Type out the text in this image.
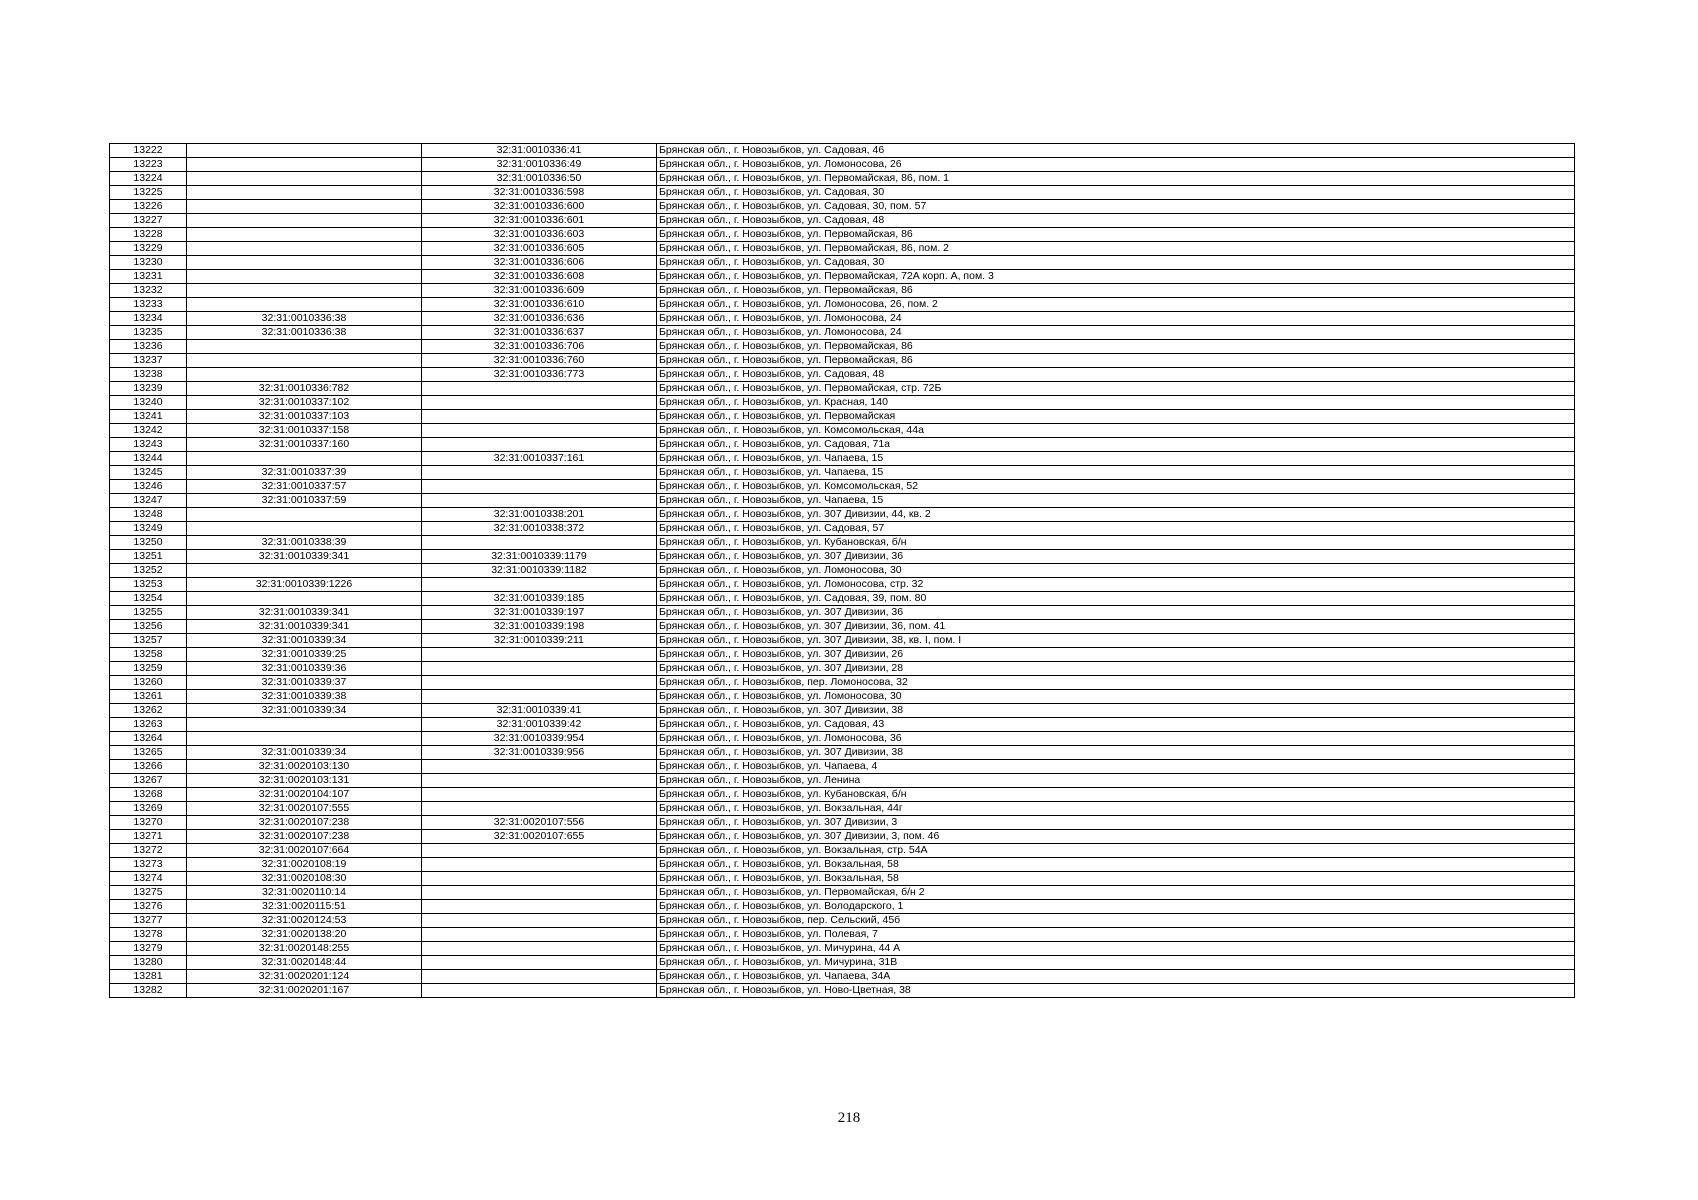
13222		32:31:0010336:41	Брянская обл., г. Новозыбков, ул. Садовая, 46
13223		32:31:0010336:49	Брянская обл., г. Новозыбков, ул. Ломоносова, 26
13224		32:31:0010336:50	Брянская обл., г. Новозыбков, ул. Первомайская, 86, пом. 1
13225		32:31:0010336:598	Брянская обл., г. Новозыбков, ул. Садовая, 30
13226		32:31:0010336:600	Брянская обл., г. Новозыбков, ул. Садовая, 30, пом. 57
13227		32:31:0010336:601	Брянская обл., г. Новозыбков, ул. Садовая, 48
13228		32:31:0010336:603	Брянская обл., г. Новозыбков, ул. Первомайская, 86
13229		32:31:0010336:605	Брянская обл., г. Новозыбков, ул. Первомайская, 86, пом. 2
13230		32:31:0010336:606	Брянская обл., г. Новозыбков, ул. Садовая, 30
13231		32:31:0010336:608	Брянская обл., г. Новозыбков, ул. Первомайская, 72А корп. А, пом. 3
13232		32:31:0010336:609	Брянская обл., г. Новозыбков, ул. Первомайская, 86
13233		32:31:0010336:610	Брянская обл., г. Новозыбков, ул. Ломоносова, 26, пом. 2
13234	32:31:0010336:38	32:31:0010336:636	Брянская обл., г. Новозыбков, ул. Ломоносова, 24
13235	32:31:0010336:38	32:31:0010336:637	Брянская обл., г. Новозыбков, ул. Ломоносова, 24
13236		32:31:0010336:706	Брянская обл., г. Новозыбков, ул. Первомайская, 86
13237		32:31:0010336:760	Брянская обл., г. Новозыбков, ул. Первомайская, 86
13238		32:31:0010336:773	Брянская обл., г. Новозыбков, ул. Садовая, 48
13239	32:31:0010336:782		Брянская обл., г. Новозыбков, ул. Первомайская, стр. 72Б
13240	32:31:0010337:102		Брянская обл., г. Новозыбков, ул. Красная, 140
13241	32:31:0010337:103		Брянская обл., г. Новозыбков, ул. Первомайская
13242	32:31:0010337:158		Брянская обл., г. Новозыбков, ул. Комсомольская, 44а
13243	32:31:0010337:160		Брянская обл., г. Новозыбков, ул. Садовая, 71а
13244		32:31:0010337:161	Брянская обл., г. Новозыбков, ул. Чапаева, 15
13245	32:31:0010337:39		Брянская обл., г. Новозыбков, ул. Чапаева, 15
13246	32:31:0010337:57		Брянская обл., г. Новозыбков, ул. Комсомольская, 52
13247	32:31:0010337:59		Брянская обл., г. Новозыбков, ул. Чапаева, 15
13248		32:31:0010338:201	Брянская обл., г. Новозыбков, ул. 307 Дивизии, 44, кв. 2
13249		32:31:0010338:372	Брянская обл., г. Новозыбков, ул. Садовая, 57
13250	32:31:0010338:39		Брянская обл., г. Новозыбков, ул. Кубановская, б/н
13251	32:31:0010339:341	32:31:0010339:1179	Брянская обл., г. Новозыбков, ул. 307 Дивизии, 36
13252		32:31:0010339:1182	Брянская обл., г. Новозыбков, ул. Ломоносова, 30
13253	32:31:0010339:1226		Брянская обл., г. Новозыбков, ул. Ломоносова, стр. 32
13254		32:31:0010339:185	Брянская обл., г. Новозыбков, ул. Садовая, 39, пом. 80
13255	32:31:0010339:341	32:31:0010339:197	Брянская обл., г. Новозыбков, ул. 307 Дивизии, 36
13256	32:31:0010339:341	32:31:0010339:198	Брянская обл., г. Новозыбков, ул. 307 Дивизии, 36, пом. 41
13257	32:31:0010339:34	32:31:0010339:211	Брянская обл., г. Новозыбков, ул. 307 Дивизии, 38, кв. I, пом. I
13258	32:31:0010339:25		Брянская обл., г. Новозыбков, ул. 307 Дивизии, 26
13259	32:31:0010339:36		Брянская обл., г. Новозыбков, ул. 307 Дивизии, 28
13260	32:31:0010339:37		Брянская обл., г. Новозыбков, пер. Ломоносова, 32
13261	32:31:0010339:38		Брянская обл., г. Новозыбков, ул. Ломоносова, 30
13262	32:31:0010339:34	32:31:0010339:41	Брянская обл., г. Новозыбков, ул. 307 Дивизии, 38
13263		32:31:0010339:42	Брянская обл., г. Новозыбков, ул. Садовая, 43
13264		32:31:0010339:954	Брянская обл., г. Новозыбков, ул. Ломоносова, 36
13265	32:31:0010339:34	32:31:0010339:956	Брянская обл., г. Новозыбков, ул. 307 Дивизии, 38
13266	32:31:0020103:130		Брянская обл., г. Новозыбков, ул. Чапаева, 4
13267	32:31:0020103:131		Брянская обл., г. Новозыбков, ул. Ленина
13268	32:31:0020104:107		Брянская обл., г. Новозыбков, ул. Кубановская, б/н
13269	32:31:0020107:555		Брянская обл., г. Новозыбков, ул. Вокзальная, 44г
13270	32:31:0020107:238	32:31:0020107:556	Брянская обл., г. Новозыбков, ул. 307 Дивизии, 3
13271	32:31:0020107:238	32:31:0020107:655	Брянская обл., г. Новозыбков, ул. 307 Дивизии, 3, пом. 46
13272	32:31:0020107:664		Брянская обл., г. Новозыбков, ул. Вокзальная, стр. 54А
13273	32:31:0020108:19		Брянская обл., г. Новозыбков, ул. Вокзальная, 58
13274	32:31:0020108:30		Брянская обл., г. Новозыбков, ул. Вокзальная, 58
13275	32:31:0020110:14		Брянская обл., г. Новозыбков, ул. Первомайская, б/н 2
13276	32:31:0020115:51		Брянская обл., г. Новозыбков, ул. Володарского, 1
13277	32:31:0020124:53		Брянская обл., г. Новозыбков, пер. Сельский, 45б
13278	32:31:0020138:20		Брянская обл., г. Новозыбков, ул. Полевая, 7
13279	32:31:0020148:255		Брянская обл., г. Новозыбков, ул. Мичурина, 44 А
13280	32:31:0020148:44		Брянская обл., г. Новозыбков, ул. Мичурина, 31В
13281	32:31:0020201:124		Брянская обл., г. Новозыбков, ул. Чапаева, 34А
13282	32:31:0020201:167		Брянская обл., г. Новозыбков, ул. Ново-Цветная, 38
218
